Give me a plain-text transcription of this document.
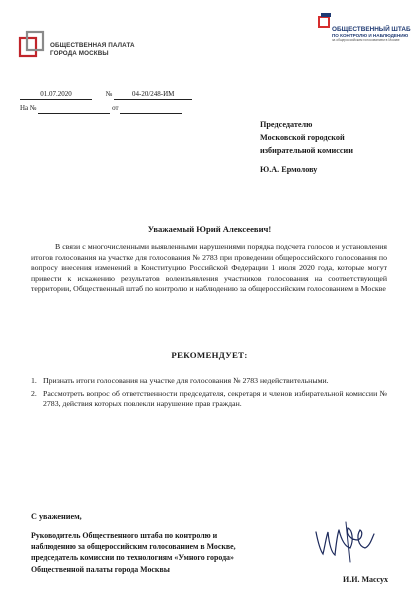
ОБЩЕСТВЕННАЯ ПАЛАТА
ГОРОДА МОСКВЫ
ОБЩЕСТВЕННЫЙ ШТАБ
ПО КОНТРОЛЮ И НАБЛЮДЕНИЮ
за общероссийским голосованием в Москве
01.07.2020	№	04-20/248-ИМ
На №	от
Председателю
Московской городской
избирательной комиссии
Ю.А. Ермолову
Уважаемый Юрий Алексеевич!
В связи с многочисленными выявленными нарушениями порядка подсчета голосов и установления итогов голосования на участке для голосования № 2783 при проведении общероссийского голосования по вопросу внесения изменений в Конституцию Российской Федерации 1 июля 2020 года, которые могут привести к искажению результатов волеизъявления участников голосования на соответствующей территории, Общественный штаб по контролю и наблюдению за общероссийским голосованием в Москве
РЕКОМЕНДУЕТ:
1. Признать итоги голосования на участке для голосования № 2783 недействительными.
2. Рассмотреть вопрос об ответственности председателя, секретаря и членов избирательной комиссии № 2783, действия которых повлекли нарушение прав граждан.
С уважением,
Руководитель Общественного штаба по контролю и
наблюдению за общероссийским голосованием в Москве,
председатель комиссии по технологиям «Умного города»
Общественной палаты города Москвы
И.И. Массух
